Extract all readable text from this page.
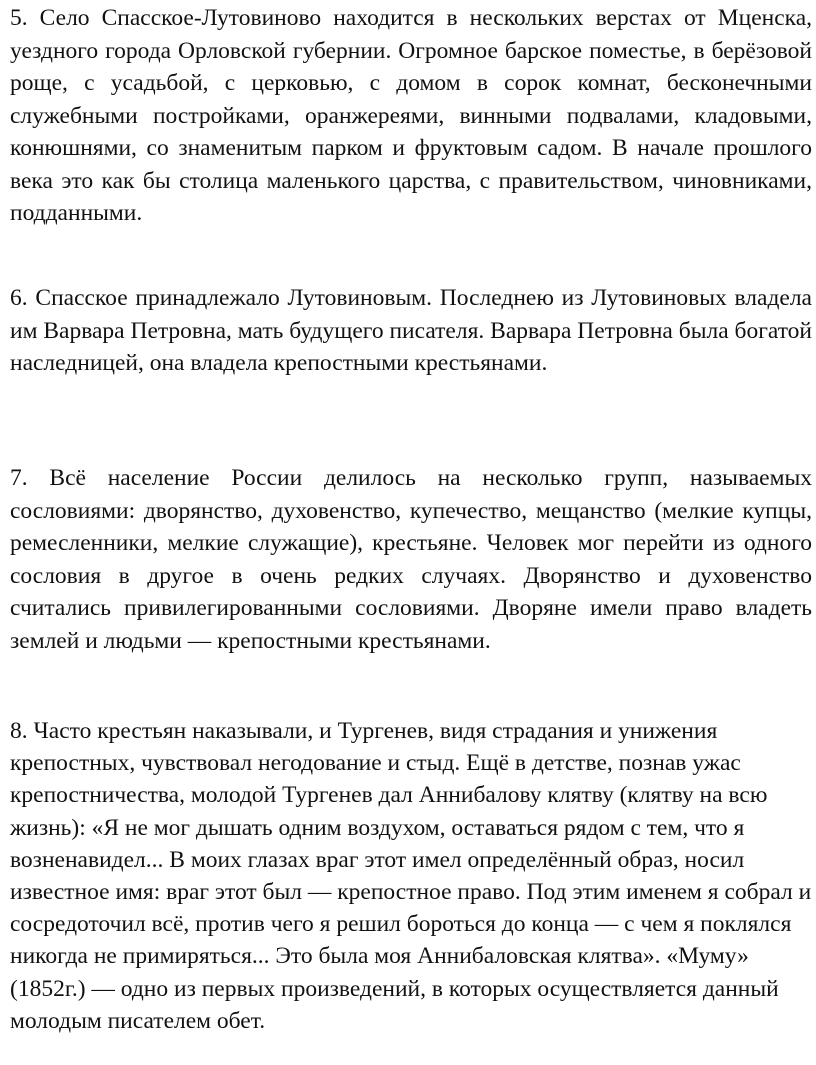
5. Село Спасское-Лутовиново находится в нескольких верстах от Мценска, уездного города Орловской губернии. Огромное барское поместье, в берёзовой роще, с усадьбой, с церковью, с домом в сорок комнат, бесконечными служебными постройками, оранжереями, винными подвалами, кладовыми, конюшнями, со знаменитым парком и фруктовым садом. В начале прошлого века это как бы столица маленького царства, с правительством, чиновниками, подданными.

6. Спасское принадлежало Лутовиновым. Последнею из Лутовиновых владела им Варвара Петровна, мать будущего писателя. Варвара Петровна была богатой наследницей, она владела крепостными крестьянами.

7. Всё население России делилось на несколько групп, называемых сословиями: дворянство, духовенство, купечество, мещанство (мелкие купцы, ремесленники, мелкие служащие), крестьяне. Человек мог перейти из одного сословия в другое в очень редких случаях. Дворянство и духовенство считались привилегированными сословиями. Дворяне имели право владеть землей и людьми — крепостными крестьянами.

8. Часто крестьян наказывали, и Тургенев, видя страдания и унижения крепостных, чувствовал негодование и стыд. Ещё в детстве, познав ужас крепостничества, молодой Тургенев дал Аннибалову клятву (клятву на всю жизнь): «Я не мог дышать одним воздухом, оставаться рядом с тем, что я возненавидел... В моих глазах враг этот имел определённый образ, носил известное имя: враг этот был — крепостное право. Под этим именем я собрал и сосредоточил всё, против чего я решил бороться до конца — с чем я поклялся никогда не примиряться... Это была моя Аннибаловская клятва». «Муму» (1852г.) — одно из первых произведений, в которых осуществляется данный молодым писателем обет.
